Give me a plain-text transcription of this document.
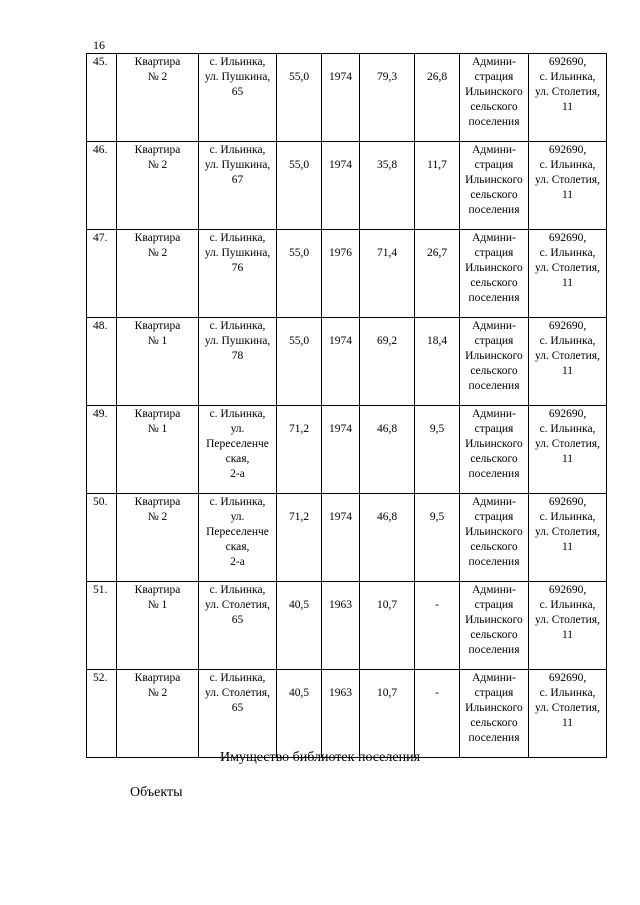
16
45.	Квартира
№ 2	с. Ильинка,
ул. Пушкина,
65	55,0	1974	79,3	26,8	Админи-
страция
Ильинского
сельского
поселения	692690,
с. Ильинка,
ул. Столетия,
11

46.	Квартира
№ 2	с. Ильинка,
ул. Пушкина,
67	55,0	1974	35,8	11,7	Админи-
страция
Ильинского
сельского
поселения	692690,
с. Ильинка,
ул. Столетия,
11

47.	Квартира
№ 2	с. Ильинка,
ул. Пушкина,
76	55,0	1976	71,4	26,7	Админи-
страция
Ильинского
сельского
поселения	692690,
с. Ильинка,
ул. Столетия,
11

48.	Квартира
№ 1	с. Ильинка,
ул. Пушкина,
78	55,0	1974	69,2	18,4	Админи-
страция
Ильинского
сельского
поселения	692690,
с. Ильинка,
ул. Столетия,
11

49.	Квартира
№ 1	с. Ильинка,
ул.
Переселенче
ская,
2-а	71,2	1974	46,8	9,5	Админи-
страция
Ильинского
сельского
поселения	692690,
с. Ильинка,
ул. Столетия,
11

50.	Квартира
№ 2	с. Ильинка,
ул.
Переселенче
ская,
2-а	71,2	1974	46,8	9,5	Админи-
страция
Ильинского
сельского
поселения	692690,
с. Ильинка,
ул. Столетия,
11

51.	Квартира
№ 1	с. Ильинка,
ул. Столетия,
65	40,5	1963	10,7	-	Админи-
страция
Ильинского
сельского
поселения	692690,
с. Ильинка,
ул. Столетия,
11

52.	Квартира
№ 2	с. Ильинка,
ул. Столетия,
65	40,5	1963	10,7	-	Админи-
страция
Ильинского
сельского
поселения	692690,
с. Ильинка,
ул. Столетия,
11
Имущество библиотек поселения
Объекты
